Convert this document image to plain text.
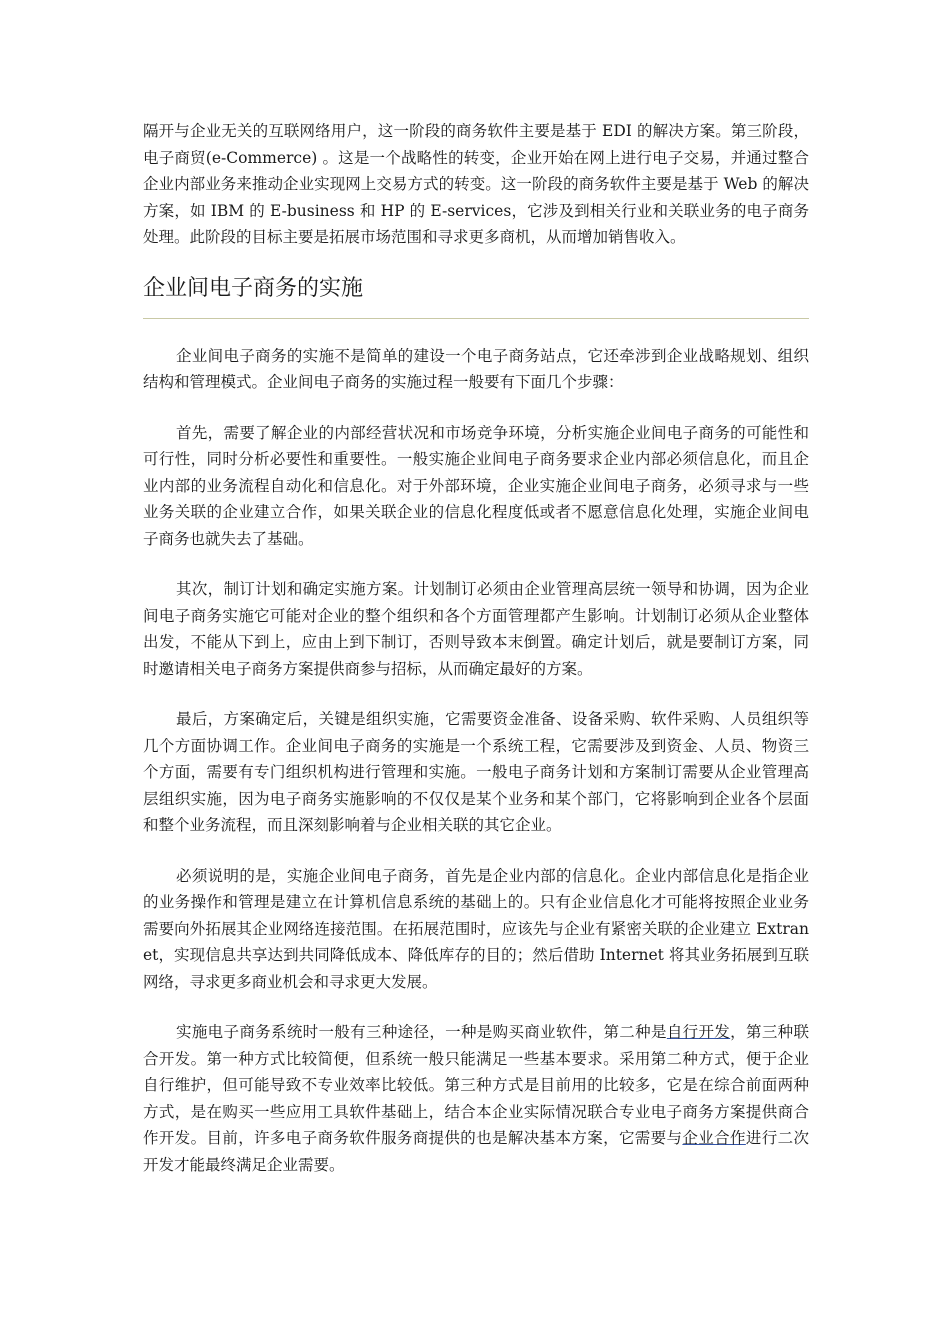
隔开与企业无关的互联网络用户，这一阶段的商务软件主要是基于 EDI 的解决方案。第三阶段，电子商贸(e-Commerce) 。这是一个战略性的转变，企业开始在网上进行电子交易，并通过整合企业内部业务来推动企业实现网上交易方式的转变。这一阶段的商务软件主要是基于 Web 的解决方案，如 IBM 的 E-business 和 HP 的 E-services，它涉及到相关行业和关联业务的电子商务处理。此阶段的目标主要是拓展市场范围和寻求更多商机，从而增加销售收入。

企业间电子商务的实施

企业间电子商务的实施不是简单的建设一个电子商务站点，它还牵涉到企业战略规划、组织结构和管理模式。企业间电子商务的实施过程一般要有下面几个步骤：

首先，需要了解企业的内部经营状况和市场竞争环境，分析实施企业间电子商务的可能性和可行性，同时分析必要性和重要性。一般实施企业间电子商务要求企业内部必须信息化，而且企业内部的业务流程自动化和信息化。对于外部环境，企业实施企业间电子商务，必须寻求与一些业务关联的企业建立合作，如果关联企业的信息化程度低或者不愿意信息化处理，实施企业间电子商务也就失去了基础。

其次，制订计划和确定实施方案。计划制订必须由企业管理高层统一领导和协调，因为企业间电子商务实施它可能对企业的整个组织和各个方面管理都产生影响。计划制订必须从企业整体出发，不能从下到上，应由上到下制订，否则导致本末倒置。确定计划后，就是要制订方案，同时邀请相关电子商务方案提供商参与招标，从而确定最好的方案。

最后，方案确定后，关键是组织实施，它需要资金准备、设备采购、软件采购、人员组织等几个方面协调工作。企业间电子商务的实施是一个系统工程，它需要涉及到资金、人员、物资三个方面，需要有专门组织机构进行管理和实施。一般电子商务计划和方案制订需要从企业管理高层组织实施，因为电子商务实施影响的不仅仅是某个业务和某个部门，它将影响到企业各个层面和整个业务流程，而且深刻影响着与企业相关联的其它企业。

必须说明的是，实施企业间电子商务，首先是企业内部的信息化。企业内部信息化是指企业的业务操作和管理是建立在计算机信息系统的基础上的。只有企业信息化才可能将按照企业业务需要向外拓展其企业网络连接范围。在拓展范围时，应该先与企业有紧密关联的企业建立 Extranet，实现信息共享达到共同降低成本、降低库存的目的；然后借助 Internet 将其业务拓展到互联网络，寻求更多商业机会和寻求更大发展。

实施电子商务系统时一般有三种途径，一种是购买商业软件，第二种是自行开发，第三种联合开发。第一种方式比较简便，但系统一般只能满足一些基本要求。采用第二种方式，便于企业自行维护，但可能导致不专业效率比较低。第三种方式是目前用的比较多，它是在综合前面两种方式，是在购买一些应用工具软件基础上，结合本企业实际情况联合专业电子商务方案提供商合作开发。目前，许多电子商务软件服务商提供的也是解决基本方案，它需要与企业合作进行二次开发才能最终满足企业需要。
